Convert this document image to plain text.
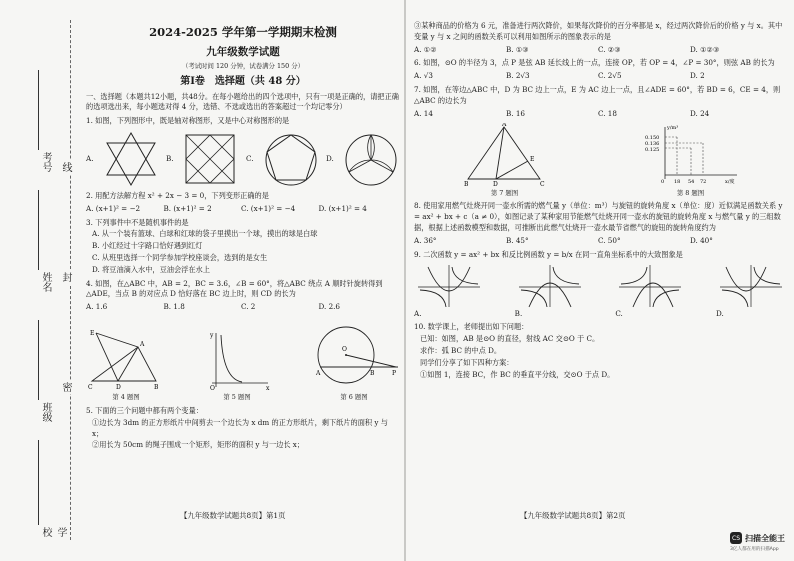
考号
姓名
班级
学校
线
封
密
2024-2025 学年第一学期期末检测
九年级数学试题
（考试时间 120 分钟，试卷满分 150 分）
第Ⅰ卷　选择题（共 48 分）
一、选择题（本题共12小题，共48分。在每小题给出的四个选项中，只有一项是正确的，请把正确的选项选出来，每小题选对得 4 分，选错、不选或选出的答案超过一个均记零分）
1. 如图，下列图形中，既是轴对称图形，又是中心对称图形的是
A.	B.	C.	D.
2. 用配方法解方程 x² + 2x − 3 = 0，下列变形正确的是
A. (x+1)² = −2	B. (x+1)² = 2	C. (x+1)² = −4	D. (x+1)² = 4
3. 下列事件中不是随机事件的是
A. 从一个装有篮球、白球和红球的袋子里摸出一个球，摸出的球是白球
B. 小红经过十字路口恰好遇到红灯
C. 从班里选择一个同学参加学校座谈会，选到的是女生
D. 将豆油滴入水中，豆油会浮在水上
4. 如图，在△ABC 中，AB = 2，BC = 3.6，∠B = 60°，将△ABC 绕点 A 顺时针旋转得到△ADE，当点 B 的对应点 D 恰好落在 BC 边上时，则 CD 的长为
A. 1.6	B. 1.8	C. 2	D. 2.6
C	D	B
A
E
第 4 题图
y
x
O
第 5 题图
O
A	B	P
第 6 题图
5. 下面的三个问题中都有两个变量：
①边长为 3dm 的正方形纸片中间剪去一个边长为 x dm 的正方形纸片，剩下纸片的面积 y 与 x；
②用长为 50cm 的绳子围成一个矩形，矩形的面积 y 与一边长 x；
③某种商品的价格为 6 元，准备进行两次降价，如果每次降价的百分率都是 x，经过两次降价后的价格 y 与 x。其中变量 y 与 x 之间的函数关系可以利用如图所示的图象表示的是
A. ①②	B. ①③	C. ②③	D. ①②③
6. 如图，⊙O 的半径为 3，点 P 是弦 AB 延长线上的一点，连接 OP，若 OP = 4，∠P = 30°，则弦 AB 的长为
A. √3	B. 2√3	C. 2√5	D. 2
7. 如图，在等边△ABC 中，D 为 BC 边上一点，E 为 AC 边上一点，且∠ADE = 60°，若 BD = 6，CE = 4，则△ABC 的边长为
A. 14	B. 16	C. 18	D. 24
B	D	C
A
E
第 7 题图
y/m³
x/度
0.150
0.136
0.125
0 18 54 72
第 8 题图
8. 使用家用燃气灶烧开同一壶水所需的燃气量 y（单位：m³）与旋钮的旋转角度 x（单位：度）近似满足函数关系 y = ax² + bx + c（a ≠ 0），如图记录了某种家用节能燃气灶烧开同一壶水的旋钮的旋转角度 x 与燃气量 y 的三组数据，根据上述函数模型和数据，可推断出此燃气灶烧开一壶水最节省燃气的旋钮的旋转角度约为
A. 36°	B. 45°	C. 50°	D. 40°
9. 二次函数 y = ax² + bx 和反比例函数 y = b/x 在同一直角坐标系中的大致图象是
A.	B.	C.	D.
10. 数学课上，老师提出如下问题：
已知：如图，AB 是⊙O 的直径，射线 AC 交⊙O 于 C。
求作：弧 BC 的中点 D。
同学们分享了如下四种方案：
①如图 1，连接 BC，作 BC 的垂直平分线，交⊙O 于点 D。
【九年级数学试题共8页】第1页	【九年级数学试题共8页】第2页
CS 扫描全能王
3亿人都在用的扫描App
